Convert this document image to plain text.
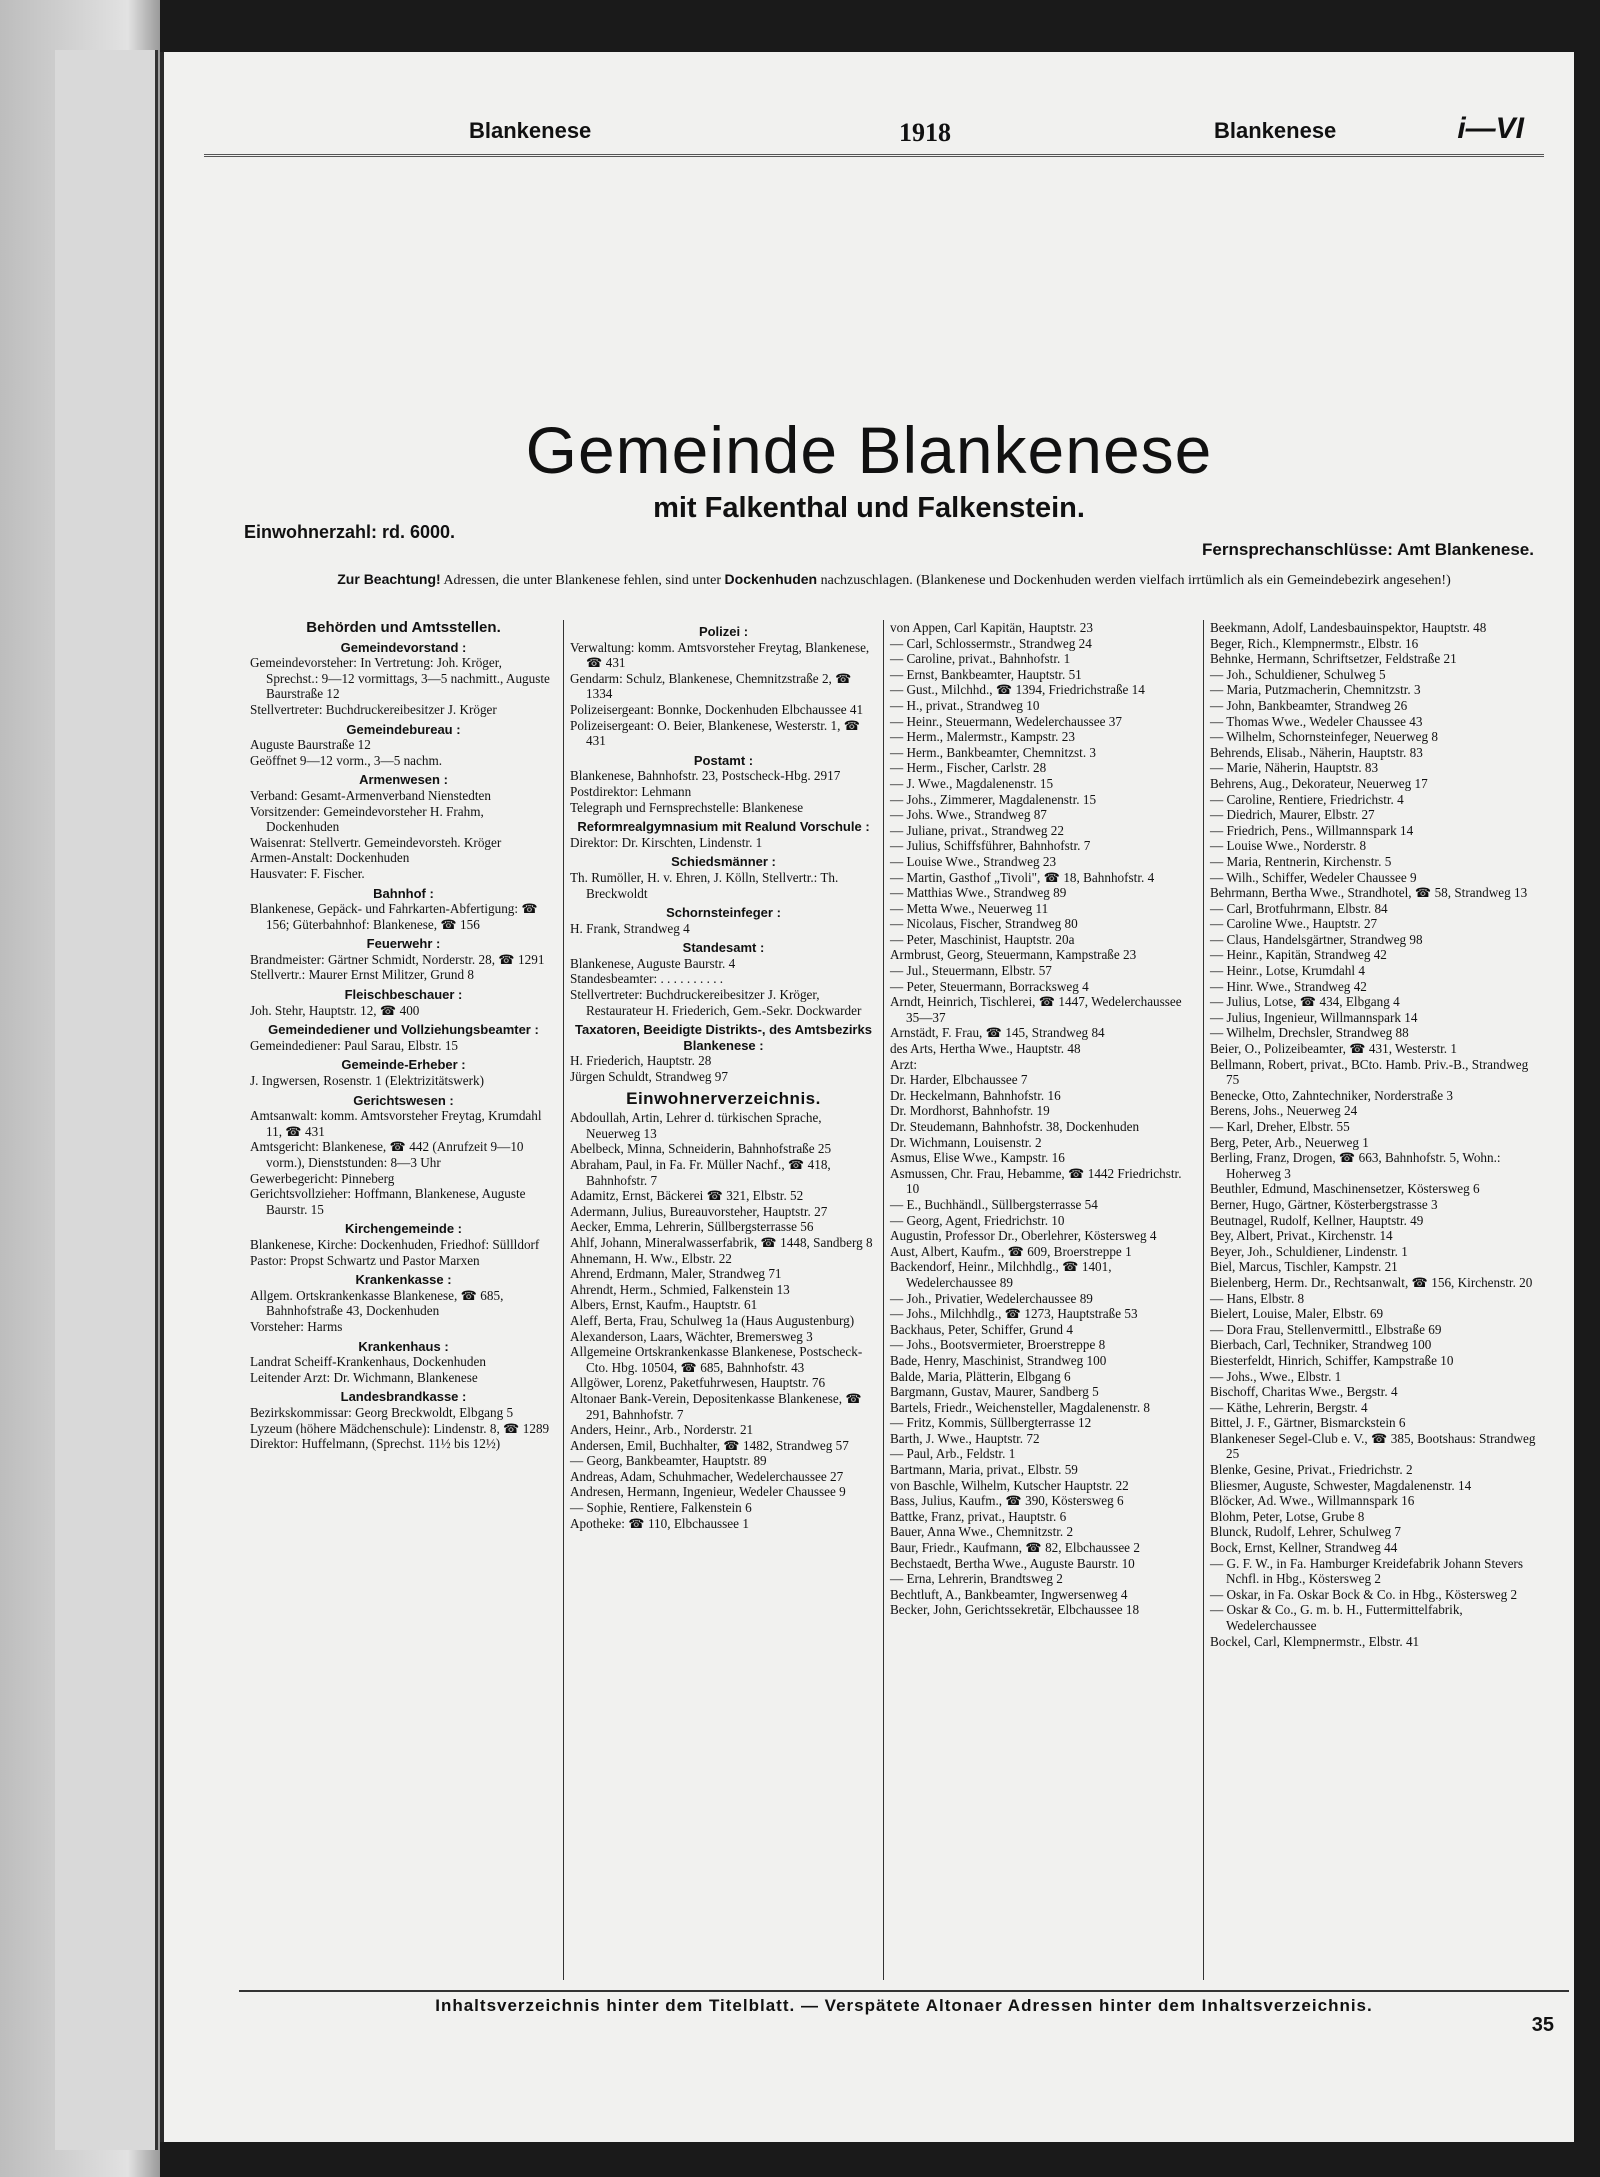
Blankenese	1918	Blankenese	i—VI
Gemeinde Blankenese
mit Falkenthal und Falkenstein.
Einwohnerzahl: rd. 6000.
Fernsprechanschlüsse: Amt Blankenese.
Zur Beachtung! Adressen, die unter Blankenese fehlen, sind unter Dockenhuden nachzuschlagen. (Blankenese und Dockenhuden werden vielfach irrtümlich als ein Gemeindebezirk angesehen!)
Behörden und Amtsstellen.
Gemeindevorstand :
Gemeindevorsteher: In Vertretung: Joh. Kröger, Sprechst.: 9—12 vormittags, 3—5 nachmitt., Auguste Baurstraße 12
Stellvertreter: Buchdruckereibesitzer J. Kröger
Gemeindebureau :
Auguste Baurstraße 12
Geöffnet 9—12 vorm., 3—5 nachm.
Armenwesen :
Verband: Gesamt-Armenverband Nienstedten
Vorsitzender: Gemeindevorsteher H. Frahm, Dockenhuden
Waisenrat: Stellvertr. Gemeindevorsteh. Kröger
Armen-Anstalt: Dockenhuden
Hausvater: F. Fischer.
Bahnhof :
Blankenese, Gepäck- und Fahrkarten-Abfertigung: ☎ 156; Güterbahnhof: Blankenese, ☎ 156
Feuerwehr :
Brandmeister: Gärtner Schmidt, Norderstr. 28, ☎ 1291
Stellvertr.: Maurer Ernst Militzer, Grund 8
Fleischbeschauer :
Joh. Stehr, Hauptstr. 12, ☎ 400
Gemeindediener und Vollziehungsbeamter :
Gemeindediener: Paul Sarau, Elbstr. 15
Gemeinde-Erheber :
J. Ingwersen, Rosenstr. 1 (Elektrizitätswerk)
Gerichtswesen :
Amtsanwalt: komm. Amtsvorsteher Freytag, Krumdahl 11, ☎ 431
Amtsgericht: Blankenese, ☎ 442 (Anrufzeit 9—10 vorm.), Dienststunden: 8—3 Uhr
Gewerbegericht: Pinneberg
Gerichtsvollzieher: Hoffmann, Blankenese, Auguste Baurstr. 15
Kirchengemeinde :
Blankenese, Kirche: Dockenhuden, Friedhof: Süllldorf
Pastor: Propst Schwartz und Pastor Marxen
Krankenkasse :
Allgem. Ortskrankenkasse Blankenese, ☎ 685, Bahnhofstraße 43, Dockenhuden
Vorsteher: Harms
Krankenhaus :
Landrat Scheiff-Krankenhaus, Dockenhuden
Leitender Arzt: Dr. Wichmann, Blankenese
Landesbrandkasse :
Bezirkskommissar: Georg Breckwoldt, Elbgang 5
Lyzeum (höhere Mädchenschule): Lindenstr. 8, ☎ 1289
Direktor: Huffelmann, (Sprechst. 11½ bis 12½)
Polizei :
Verwaltung: komm. Amtsvorsteher Freytag, Blankenese, ☎ 431
Gendarm: Schulz, Blankenese, Chemnitzstraße 2, ☎ 1334
Polizeisergeant: Bonnke, Dockenhuden Elbchaussee 41
Polizeisergeant: O. Beier, Blankenese, Westerstr. 1, ☎ 431
Postamt :
Blankenese, Bahnhofstr. 23, Postscheck-Hbg. 2917
Postdirektor: Lehmann
Telegraph und Fernsprechstelle: Blankenese
Reformrealgymnasium mit Realund Vorschule :
Direktor: Dr. Kirschten, Lindenstr. 1
Schiedsmänner :
Th. Rumöller, H. v. Ehren, J. Kölln, Stellvertr.: Th. Breckwoldt
Schornsteinfeger :
H. Frank, Strandweg 4
Standesamt :
Blankenese, Auguste Baurstr. 4
Standesbeamter: . . . . . . . . . .
Stellvertreter: Buchdruckereibesitzer J. Kröger, Restaurateur H. Friederich, Gem.-Sekr. Dockwarder
Taxatoren, Beeidigte Distrikts-, des Amtsbezirks Blankenese :
H. Friederich, Hauptstr. 28
Jürgen Schuldt, Strandweg 97
Einwohnerverzeichnis.
Abdoullah, Artin, Lehrer d. türkischen Sprache, Neuerweg 13
Abelbeck, Minna, Schneiderin, Bahnhofstraße 25
Abraham, Paul, in Fa. Fr. Müller Nachf., ☎ 418, Bahnhofstr. 7
Adamitz, Ernst, Bäckerei ☎ 321, Elbstr. 52
Adermann, Julius, Bureauvorsteher, Hauptstr. 27
Aecker, Emma, Lehrerin, Süllbergsterrasse 56
Ahlf, Johann, Mineralwasserfabrik, ☎ 1448, Sandberg 8
Ahnemann, H. Ww., Elbstr. 22
Ahrend, Erdmann, Maler, Strandweg 71
Ahrendt, Herm., Schmied, Falkenstein 13
Albers, Ernst, Kaufm., Hauptstr. 61
Aleff, Berta, Frau, Schulweg 1a (Haus Augustenburg)
Alexanderson, Laars, Wächter, Bremersweg 3
Allgemeine Ortskrankenkasse Blankenese, Postscheck-Cto. Hbg. 10504, ☎ 685, Bahnhofstr. 43
Allgöwer, Lorenz, Paketfuhrwesen, Hauptstr. 76
Altonaer Bank-Verein, Depositenkasse Blankenese, ☎ 291, Bahnhofstr. 7
Anders, Heinr., Arb., Norderstr. 21
Andersen, Emil, Buchhalter, ☎ 1482, Strandweg 57
— Georg, Bankbeamter, Hauptstr. 89
Andreas, Adam, Schuhmacher, Wedelerchaussee 27
Andresen, Hermann, Ingenieur, Wedeler Chaussee 9
— Sophie, Rentiere, Falkenstein 6
Apotheke: ☎ 110, Elbchaussee 1
von Appen, Carl Kapitän, Hauptstr. 23
— Carl, Schlossermstr., Strandweg 24
— Caroline, privat., Bahnhofstr. 1
— Ernst, Bankbeamter, Hauptstr. 51
— Gust., Milchhd., ☎ 1394, Friedrichstraße 14
— H., privat., Strandweg 10
— Heinr., Steuermann, Wedelerchaussee 37
— Herm., Malermstr., Kampstr. 23
— Herm., Bankbeamter, Chemnitzst. 3
— Herm., Fischer, Carlstr. 28
— J. Wwe., Magdalenenstr. 15
— Johs., Zimmerer, Magdalenenstr. 15
— Johs. Wwe., Strandweg 87
— Juliane, privat., Strandweg 22
— Julius, Schiffsführer, Bahnhofstr. 7
— Louise Wwe., Strandweg 23
— Martin, Gasthof „Tivoli", ☎ 18, Bahnhofstr. 4
— Matthias Wwe., Strandweg 89
— Metta Wwe., Neuerweg 11
— Nicolaus, Fischer, Strandweg 80
— Peter, Maschinist, Hauptstr. 20a
Armbrust, Georg, Steuermann, Kampstraße 23
— Jul., Steuermann, Elbstr. 57
— Peter, Steuermann, Borracksweg 4
Arndt, Heinrich, Tischlerei, ☎ 1447, Wedelerchaussee 35—37
Arnstädt, F. Frau, ☎ 145, Strandweg 84
des Arts, Hertha Wwe., Hauptstr. 48
Arzt:
Dr. Harder, Elbchaussee 7
Dr. Heckelmann, Bahnhofstr. 16
Dr. Mordhorst, Bahnhofstr. 19
Dr. Steudemann, Bahnhofstr. 38, Dockenhuden
Dr. Wichmann, Louisenstr. 2
Asmus, Elise Wwe., Kampstr. 16
Asmussen, Chr. Frau, Hebamme, ☎ 1442 Friedrichstr. 10
— E., Buchhändl., Süllbergsterrasse 54
— Georg, Agent, Friedrichstr. 10
Augustin, Professor Dr., Oberlehrer, Köstersweg 4
Aust, Albert, Kaufm., ☎ 609, Broerstreppe 1
Backendorf, Heinr., Milchhdlg., ☎ 1401, Wedelerchaussee 89
— Joh., Privatier, Wedelerchaussee 89
— Johs., Milchhdlg., ☎ 1273, Hauptstraße 53
Backhaus, Peter, Schiffer, Grund 4
— Johs., Bootsvermieter, Broerstreppe 8
Bade, Henry, Maschinist, Strandweg 100
Balde, Maria, Plätterin, Elbgang 6
Bargmann, Gustav, Maurer, Sandberg 5
Bartels, Friedr., Weichensteller, Magdalenenstr. 8
— Fritz, Kommis, Süllbergterrasse 12
Barth, J. Wwe., Hauptstr. 72
— Paul, Arb., Feldstr. 1
Bartmann, Maria, privat., Elbstr. 59
von Baschle, Wilhelm, Kutscher Hauptstr. 22
Bass, Julius, Kaufm., ☎ 390, Köstersweg 6
Battke, Franz, privat., Hauptstr. 6
Bauer, Anna Wwe., Chemnitzstr. 2
Baur, Friedr., Kaufmann, ☎ 82, Elbchaussee 2
Bechstaedt, Bertha Wwe., Auguste Baurstr. 10
— Erna, Lehrerin, Brandtsweg 2
Bechtluft, A., Bankbeamter, Ingwersenweg 4
Becker, John, Gerichtssekretär, Elbchaussee 18
Beekmann, Adolf, Landesbauinspektor, Hauptstr. 48
Beger, Rich., Klempnermstr., Elbstr. 16
Behnke, Hermann, Schriftsetzer, Feldstraße 21
— Joh., Schuldiener, Schulweg 5
— Maria, Putzmacherin, Chemnitzstr. 3
— John, Bankbeamter, Strandweg 26
— Thomas Wwe., Wedeler Chaussee 43
— Wilhelm, Schornsteinfeger, Neuerweg 8
Behrends, Elisab., Näherin, Hauptstr. 83
— Marie, Näherin, Hauptstr. 83
Behrens, Aug., Dekorateur, Neuerweg 17
— Caroline, Rentiere, Friedrichstr. 4
— Diedrich, Maurer, Elbstr. 27
— Friedrich, Pens., Willmannspark 14
— Louise Wwe., Norderstr. 8
— Maria, Rentnerin, Kirchenstr. 5
— Wilh., Schiffer, Wedeler Chaussee 9
Behrmann, Bertha Wwe., Strandhotel, ☎ 58, Strandweg 13
— Carl, Brotfuhrmann, Elbstr. 84
— Caroline Wwe., Hauptstr. 27
— Claus, Handelsgärtner, Strandweg 98
— Heinr., Kapitän, Strandweg 42
— Heinr., Lotse, Krumdahl 4
— Hinr. Wwe., Strandweg 42
— Julius, Lotse, ☎ 434, Elbgang 4
— Julius, Ingenieur, Willmannspark 14
— Wilhelm, Drechsler, Strandweg 88
Beier, O., Polizeibeamter, ☎ 431, Westerstr. 1
Bellmann, Robert, privat., BCto. Hamb. Priv.-B., Strandweg 75
Benecke, Otto, Zahntechniker, Norderstraße 3
Berens, Johs., Neuerweg 24
— Karl, Dreher, Elbstr. 55
Berg, Peter, Arb., Neuerweg 1
Berling, Franz, Drogen, ☎ 663, Bahnhofstr. 5, Wohn.: Hoherweg 3
Beuthler, Edmund, Maschinensetzer, Köstersweg 6
Berner, Hugo, Gärtner, Kösterbergstrasse 3
Beutnagel, Rudolf, Kellner, Hauptstr. 49
Bey, Albert, Privat., Kirchenstr. 14
Beyer, Joh., Schuldiener, Lindenstr. 1
Biel, Marcus, Tischler, Kampstr. 21
Bielenberg, Herm. Dr., Rechtsanwalt, ☎ 156, Kirchenstr. 20
— Hans, Elbstr. 8
Bielert, Louise, Maler, Elbstr. 69
— Dora Frau, Stellenvermittl., Elbstraße 69
Bierbach, Carl, Techniker, Strandweg 100
Biesterfeldt, Hinrich, Schiffer, Kampstraße 10
— Johs., Wwe., Elbstr. 1
Bischoff, Charitas Wwe., Bergstr. 4
— Käthe, Lehrerin, Bergstr. 4
Bittel, J. F., Gärtner, Bismarckstein 6
Blankeneser Segel-Club e. V., ☎ 385, Bootshaus: Strandweg 25
Blenke, Gesine, Privat., Friedrichstr. 2
Bliesmer, Auguste, Schwester, Magdalenenstr. 14
Blöcker, Ad. Wwe., Willmannspark 16
Blohm, Peter, Lotse, Grube 8
Blunck, Rudolf, Lehrer, Schulweg 7
Bock, Ernst, Kellner, Strandweg 44
— G. F. W., in Fa. Hamburger Kreidefabrik Johann Stevers Nchfl. in Hbg., Köstersweg 2
— Oskar, in Fa. Oskar Bock & Co. in Hbg., Köstersweg 2
— Oskar & Co., G. m. b. H., Futtermittelfabrik, Wedelerchaussee
Bockel, Carl, Klempnermstr., Elbstr. 41
Inhaltsverzeichnis hinter dem Titelblatt. — Verspätete Altonaer Adressen hinter dem Inhaltsverzeichnis.
35
